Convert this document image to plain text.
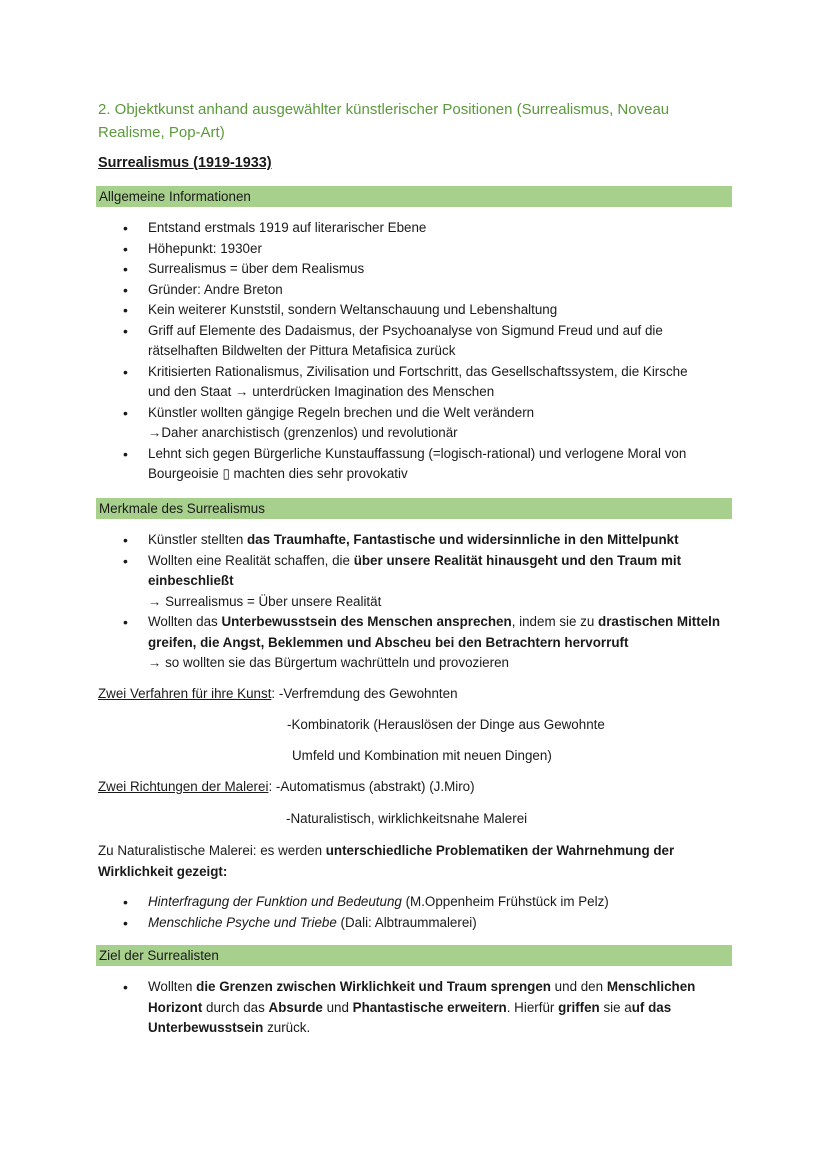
2. Objektkunst anhand ausgewählter künstlerischer Positionen (Surrealismus, Noveau Realisme, Pop-Art)
Surrealismus (1919-1933)
Allgemeine Informationen
• Entstand erstmals 1919 auf literarischer Ebene
• Höhepunkt: 1930er
• Surrealismus = über dem Realismus
• Gründer: Andre Breton
• Kein weiterer Kunststil, sondern Weltanschauung und Lebenshaltung
• Griff auf Elemente des Dadaismus, der Psychoanalyse von Sigmund Freud und auf die
rätselhaften Bildwelten der Pittura Metafisica zurück
• Kritisierten Rationalismus, Zivilisation und Fortschritt, das Gesellschaftssystem, die Kirsche
und den Staat → unterdrücken Imagination des Menschen
• Künstler wollten gängige Regeln brechen und die Welt verändern
→Daher anarchistisch (grenzenlos) und revolutionär
• Lehnt sich gegen Bürgerliche Kunstauffassung (=logisch-rational) und verlogene Moral von
Bourgeoisie ▯ machten dies sehr provokativ
Merkmale des Surrealismus
• Künstler stellten das Traumhafte, Fantastische und widersinnliche in den Mittelpunkt
• Wollten eine Realität schaffen, die über unsere Realität hinausgeht und den Traum mit
einbeschließt
→ Surrealismus = Über unsere Realität
• Wollten das Unterbewusstsein des Menschen ansprechen, indem sie zu drastischen Mitteln
greifen, die Angst, Beklemmen und Abscheu bei den Betrachtern hervorruft
→ so wollten sie das Bürgertum wachrütteln und provozieren
Zwei Verfahren für ihre Kunst: -Verfremdung des Gewohnten
-Kombinatorik (Herauslösen der Dinge aus Gewohnte
Umfeld und Kombination mit neuen Dingen)
Zwei Richtungen der Malerei: -Automatismus (abstrakt) (J.Miro)
-Naturalistisch, wirklichkeitsnahe Malerei
Zu Naturalistische Malerei: es werden unterschiedliche Problematiken der Wahrnehmung der
Wirklichkeit gezeigt:
• Hinterfragung der Funktion und Bedeutung (M.Oppenheim Frühstück im Pelz)
• Menschliche Psyche und Triebe (Dali: Albtraummalerei)
Ziel der Surrealisten
• Wollten die Grenzen zwischen Wirklichkeit und Traum sprengen und den Menschlichen
Horizont durch das Absurde und Phantastische erweitern. Hierfür griffen sie auf das
Unterbewusstsein zurück.
